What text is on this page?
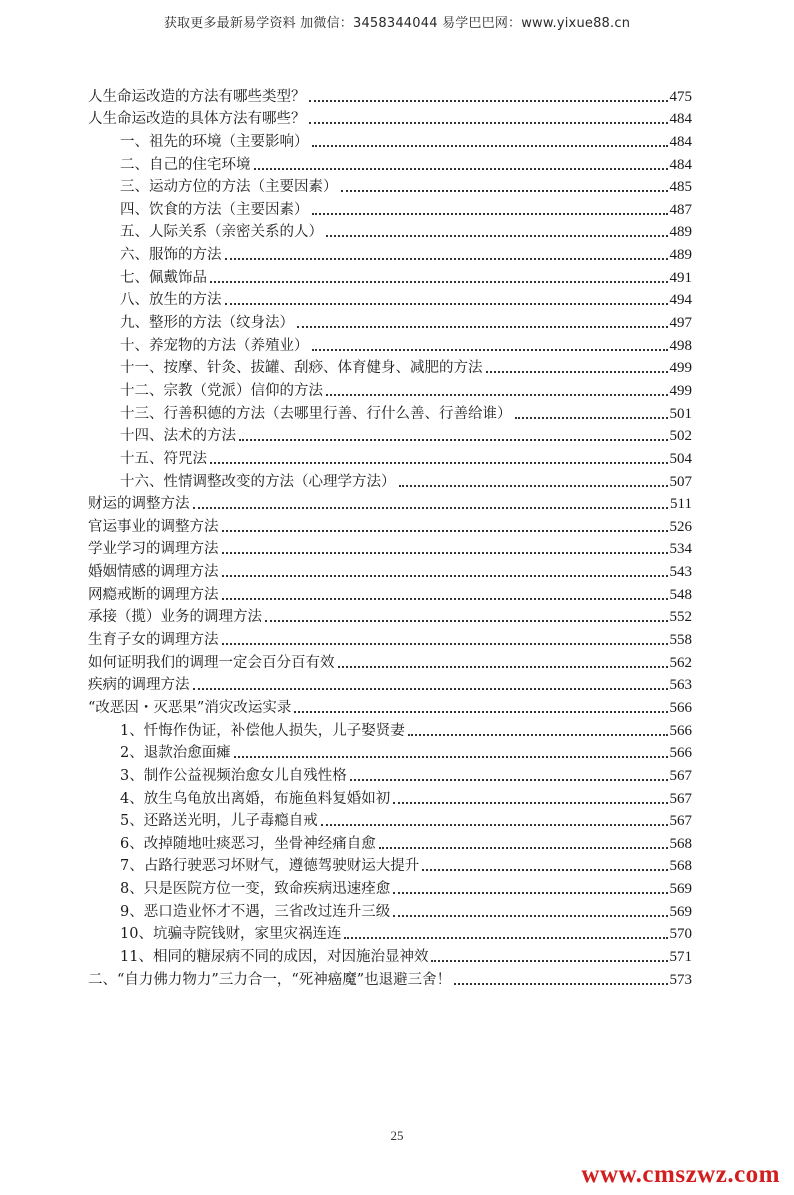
获取更多最新易学资料 加微信：3458344044 易学巴巴网：www.yixue88.cn
人生命运改造的方法有哪些类型？	475
人生命运改造的具体方法有哪些？	484
一、祖先的环境（主要影响）	484
二、自己的住宅环境	484
三、运动方位的方法（主要因素）	485
四、饮食的方法（主要因素）	487
五、人际关系（亲密关系的人）	489
六、服饰的方法	489
七、佩戴饰品	491
八、放生的方法	494
九、整形的方法（纹身法）	497
十、养宠物的方法（养殖业）	498
十一、按摩、针灸、拔罐、刮痧、体育健身、减肥的方法	499
十二、宗教（党派）信仰的方法	499
十三、行善积德的方法（去哪里行善、行什么善、行善给谁）	501
十四、法术的方法	502
十五、符咒法	504
十六、性情调整改变的方法（心理学方法）	507
财运的调整方法	511
官运事业的调整方法	526
学业学习的调理方法	534
婚姻情感的调理方法	543
网瘾戒断的调理方法	548
承接（揽）业务的调理方法	552
生育子女的调理方法	558
如何证明我们的调理一定会百分百有效	562
疾病的调理方法	563
“改恶因・灭恶果”消灾改运实录	566
1、忏悔作伪证，补偿他人损失，儿子娶贤妻	566
2、退款治愈面瘫	566
3、制作公益视频治愈女儿自残性格	567
4、放生乌龟放出离婚，布施鱼料复婚如初	567
5、还路送光明，儿子毒瘾自戒	567
6、改掉随地吐痰恶习，坐骨神经痛自愈	568
7、占路行驶恶习坏财气，遵德驾驶财运大提升	568
8、只是医院方位一变，致命疾病迅速痊愈	569
9、恶口造业怀才不遇，三省改过连升三级	569
10、坑骗寺院钱财，家里灾祸连连	570
11、相同的糖尿病不同的成因，对因施治显神效	571
二、“自力佛力物力”三力合一，“死神癌魔”也退避三舍！	573
25
www.cmszwz.com
